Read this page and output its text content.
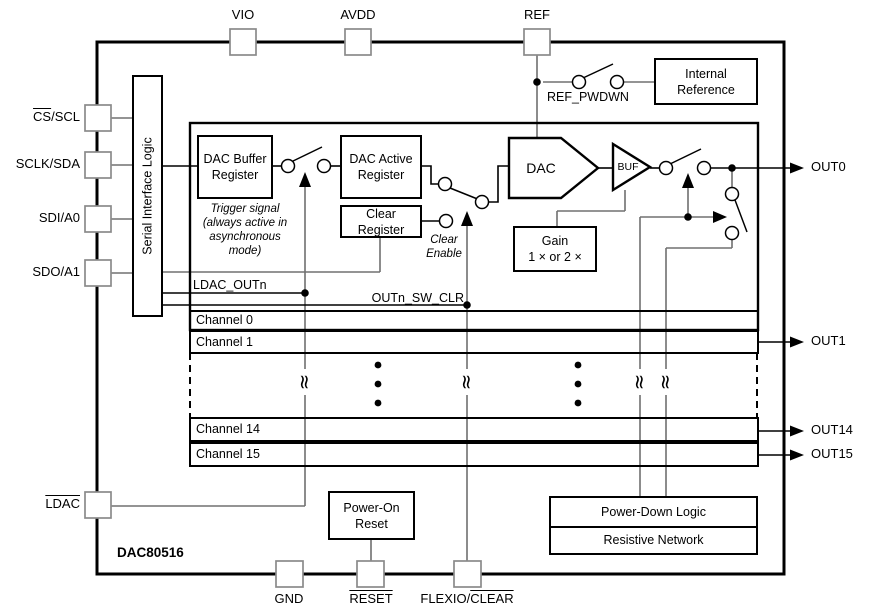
≈	≈	≈ ≈
VIO	AVDD	REF
$\overline{CS}$/SCL
SCLK/SDA
SDI/A0
SDO/A1
LDAC
GND	RESET FLEXIO/CLEAR
OUT0
OUT1
OUT14
OUT15
Serial Interface Logic	DAC Buffer Register
DAC Active Register
Clear Register
Internal Reference
Gain
1 × or 2 ×
Power-On Reset
Power-Down Logic
Resistive Network
DAC	BUF
Channel 0
Channel 1
Channel 14
Channel 15
LDAC_OUTn
OUTn_SW_CLR
REF_PWDWN
Trigger signal (always active in asynchronous mode)
Clear Enable
DAC80516
